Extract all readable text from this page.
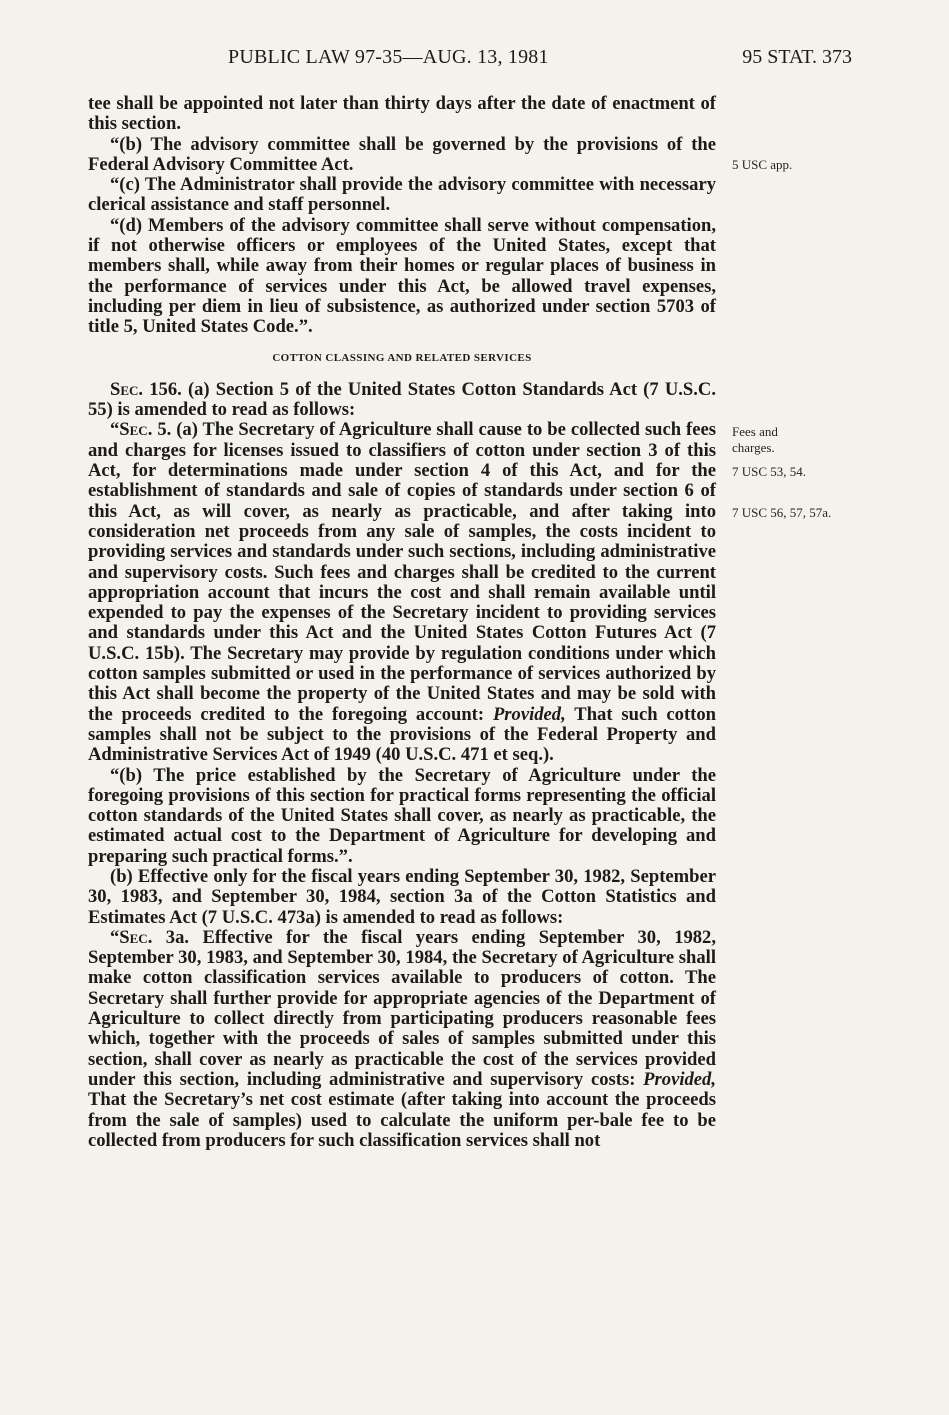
PUBLIC LAW 97-35—AUG. 13, 1981	95 STAT. 373

tee shall be appointed not later than thirty days after the date of enactment of this section.

“(b) The advisory committee shall be governed by the provisions of the Federal Advisory Committee Act.

“(c) The Administrator shall provide the advisory committee with necessary clerical assistance and staff personnel.

“(d) Members of the advisory committee shall serve without compensation, if not otherwise officers or employees of the United States, except that members shall, while away from their homes or regular places of business in the performance of services under this Act, be allowed travel expenses, including per diem in lieu of subsistence, as authorized under section 5703 of title 5, United States Code.”.

COTTON CLASSING AND RELATED SERVICES

Sec. 156. (a) Section 5 of the United States Cotton Standards Act (7 U.S.C. 55) is amended to read as follows:

“Sec. 5. (a) The Secretary of Agriculture shall cause to be collected such fees and charges for licenses issued to classifiers of cotton under section 3 of this Act, for determinations made under section 4 of this Act, and for the establishment of standards and sale of copies of standards under section 6 of this Act, as will cover, as nearly as practicable, and after taking into consideration net proceeds from any sale of samples, the costs incident to providing services and standards under such sections, including administrative and supervisory costs. Such fees and charges shall be credited to the current appropriation account that incurs the cost and shall remain available until expended to pay the expenses of the Secretary incident to providing services and standards under this Act and the United States Cotton Futures Act (7 U.S.C. 15b). The Secretary may provide by regulation conditions under which cotton samples submitted or used in the performance of services authorized by this Act shall become the property of the United States and may be sold with the proceeds credited to the foregoing account: Provided, That such cotton samples shall not be subject to the provisions of the Federal Property and Administrative Services Act of 1949 (40 U.S.C. 471 et seq.).

“(b) The price established by the Secretary of Agriculture under the foregoing provisions of this section for practical forms representing the official cotton standards of the United States shall cover, as nearly as practicable, the estimated actual cost to the Department of Agriculture for developing and preparing such practical forms.”.

(b) Effective only for the fiscal years ending September 30, 1982, September 30, 1983, and September 30, 1984, section 3a of the Cotton Statistics and Estimates Act (7 U.S.C. 473a) is amended to read as follows:

“Sec. 3a. Effective for the fiscal years ending September 30, 1982, September 30, 1983, and September 30, 1984, the Secretary of Agriculture shall make cotton classification services available to producers of cotton. The Secretary shall further provide for appropriate agencies of the Department of Agriculture to collect directly from participating producers reasonable fees which, together with the proceeds of sales of samples submitted under this section, shall cover as nearly as practicable the cost of the services provided under this section, including administrative and supervisory costs: Provided, That the Secretary’s net cost estimate (after taking into account the proceeds from the sale of samples) used to calculate the uniform per-bale fee to be collected from producers for such classification services shall not

5 USC app.
Fees and charges.
7 USC 53, 54.
7 USC 56, 57, 57a.
